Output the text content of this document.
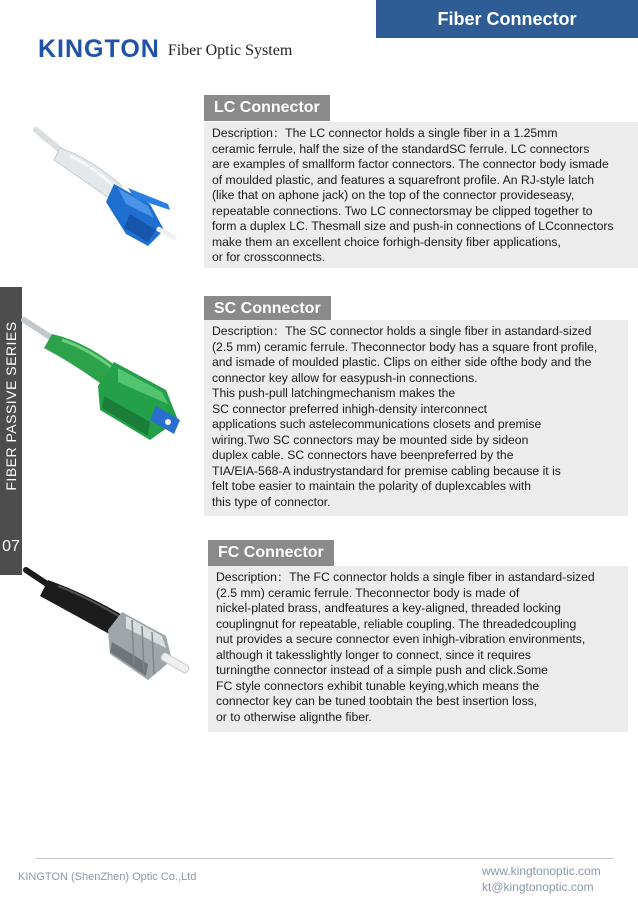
Fiber Connector
KINGTON Fiber Optic System
FIBER PASSIVE SERIES
07
LC Connector

Description：The LC connector holds a single fiber in a 1.25mm

ceramic ferrule, half the size of the standardSC ferrule. LC connectors

are examples of smallform factor connectors. The connector body ismade

of moulded plastic, and features a squarefront profile. An RJ-style latch

(like that on aphone jack) on the top of the connector provideseasy,

repeatable connections. Two LC connectorsmay be clipped together to

form a duplex LC. Thesmall size and push-in connections of LCconnectors

make them an excellent choice forhigh-density fiber applications,

or for crossconnects.

SC Connector

Description：The SC connector holds a single fiber in astandard-sized

(2.5 mm) ceramic ferrule. Theconnector body has a square front profile,

and ismade of moulded plastic. Clips on either side ofthe body and the

connector key allow for easypush-in connections.

This push-pull latchingmechanism makes the

SC connector preferred inhigh-density interconnect

applications such astelecommunications closets and premise

wiring.Two SC connectors may be mounted side by sideon

duplex cable. SC connectors have beenpreferred by the

TIA/EIA-568-A industrystandard for premise cabling because it is

felt tobe easier to maintain the polarity of duplexcables with

this type of connector.

FC Connector

Description：The FC connector holds a single fiber in astandard-sized

(2.5 mm) ceramic ferrule. Theconnector body is made of

nickel-plated brass, andfeatures a key-aligned, threaded locking

couplingnut for repeatable, reliable coupling. The threadedcoupling

nut provides a secure connector even inhigh-vibration environments,

although it takesslightly longer to connect, since it requires

turningthe connector instead of a simple push and click.Some

FC style connectors exhibit tunable keying,which means the

connector key can be tuned toobtain the best insertion loss,

or to otherwise alignthe fiber.

KINGTON (ShenZhen) Optic Co.,Ltd	www.kingtonoptic.com
kt@kingtonoptic.com
